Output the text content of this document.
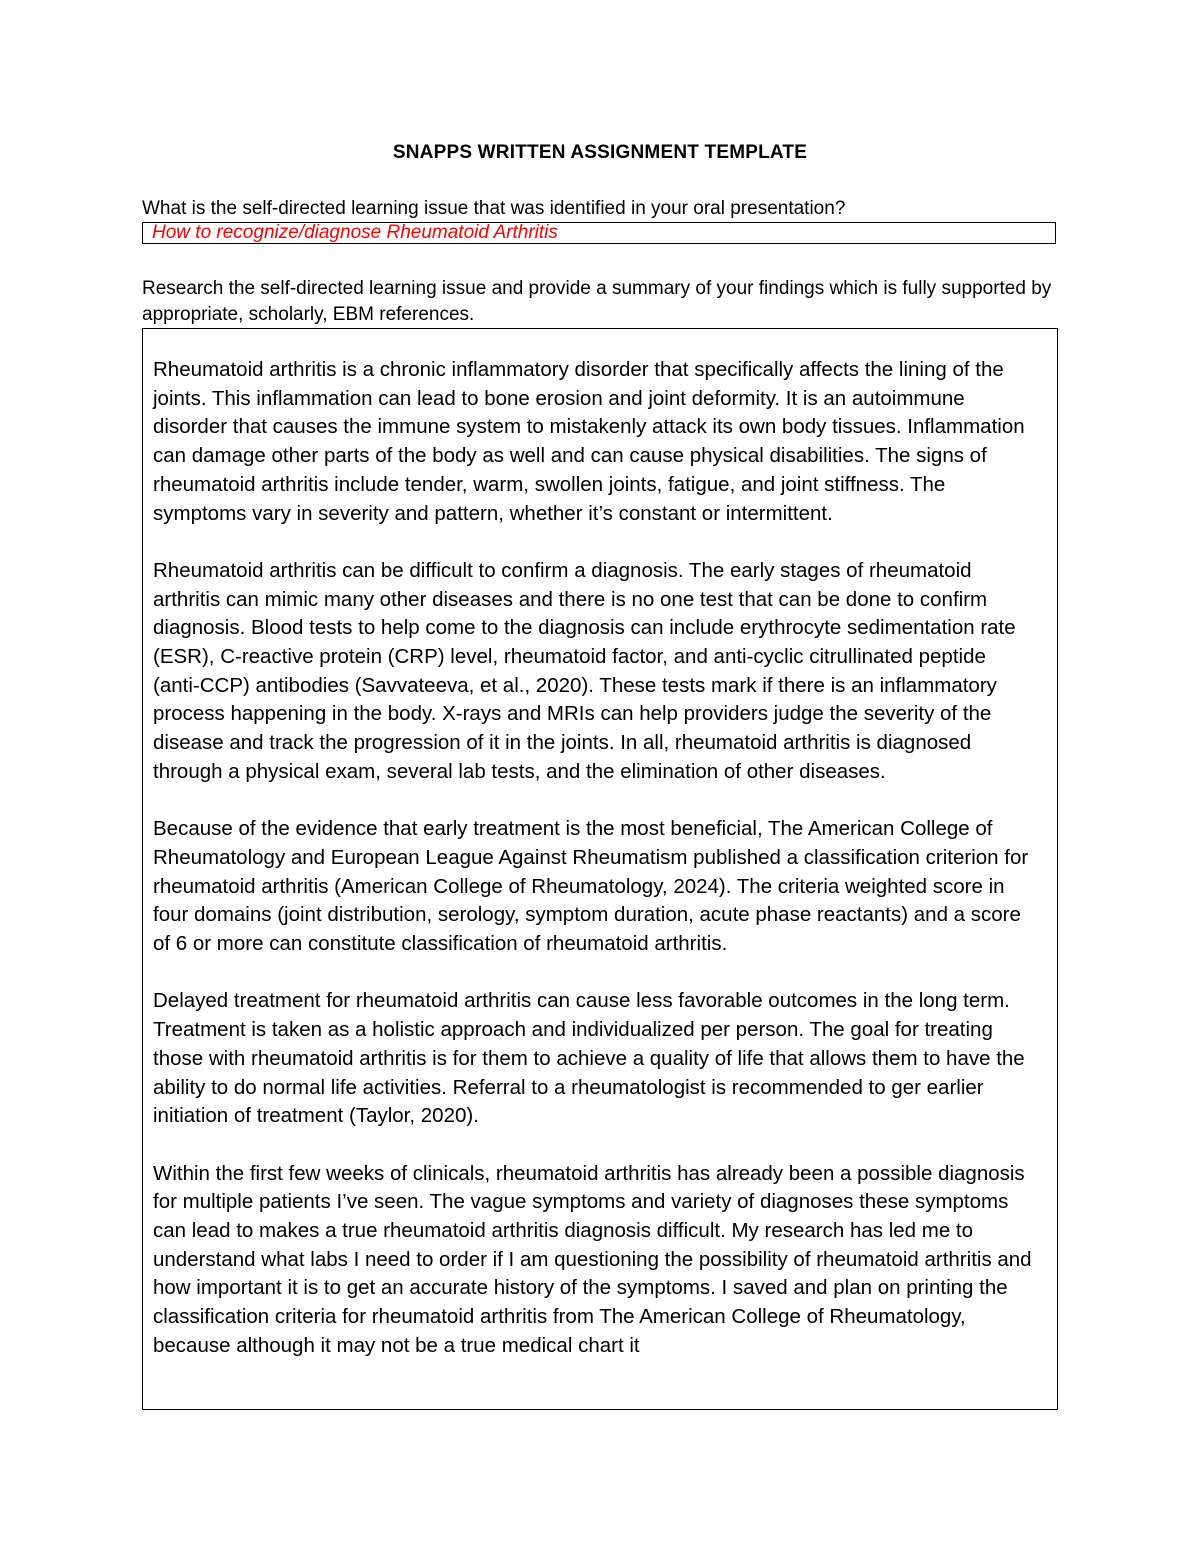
SNAPPS WRITTEN ASSIGNMENT TEMPLATE
What is the self-directed learning issue that was identified in your oral presentation?
How to recognize/diagnose Rheumatoid Arthritis
Research the self-directed learning issue and provide a summary of your findings which is fully supported by appropriate, scholarly, EBM references.

Rheumatoid arthritis is a chronic inflammatory disorder that specifically affects the lining of the joints. This inflammation can lead to bone erosion and joint deformity. It is an autoimmune disorder that causes the immune system to mistakenly attack its own body tissues. Inflammation can damage other parts of the body as well and can cause physical disabilities. The signs of rheumatoid arthritis include tender, warm, swollen joints, fatigue, and joint stiffness. The symptoms vary in severity and pattern, whether it’s constant or intermittent.

Rheumatoid arthritis can be difficult to confirm a diagnosis. The early stages of rheumatoid arthritis can mimic many other diseases and there is no one test that can be done to confirm diagnosis. Blood tests to help come to the diagnosis can include erythrocyte sedimentation rate (ESR), C-reactive protein (CRP) level, rheumatoid factor, and anti-cyclic citrullinated peptide (anti-CCP) antibodies (Savvateeva, et al., 2020). These tests mark if there is an inflammatory process happening in the body. X-rays and MRIs can help providers judge the severity of the disease and track the progression of it in the joints. In all, rheumatoid arthritis is diagnosed through a physical exam, several lab tests, and the elimination of other diseases.

Because of the evidence that early treatment is the most beneficial, The American College of Rheumatology and European League Against Rheumatism published a classification criterion for rheumatoid arthritis (American College of Rheumatology, 2024). The criteria weighted score in four domains (joint distribution, serology, symptom duration, acute phase reactants) and a score of 6 or more can constitute classification of rheumatoid arthritis.

Delayed treatment for rheumatoid arthritis can cause less favorable outcomes in the long term. Treatment is taken as a holistic approach and individualized per person. The goal for treating those with rheumatoid arthritis is for them to achieve a quality of life that allows them to have the ability to do normal life activities. Referral to a rheumatologist is recommended to ger earlier initiation of treatment (Taylor, 2020).

Within the first few weeks of clinicals, rheumatoid arthritis has already been a possible diagnosis for multiple patients I’ve seen. The vague symptoms and variety of diagnoses these symptoms can lead to makes a true rheumatoid arthritis diagnosis difficult. My research has led me to understand what labs I need to order if I am questioning the possibility of rheumatoid arthritis and how important it is to get an accurate history of the symptoms. I saved and plan on printing the classification criteria for rheumatoid arthritis from The American College of Rheumatology, because although it may not be a true medical chart it
